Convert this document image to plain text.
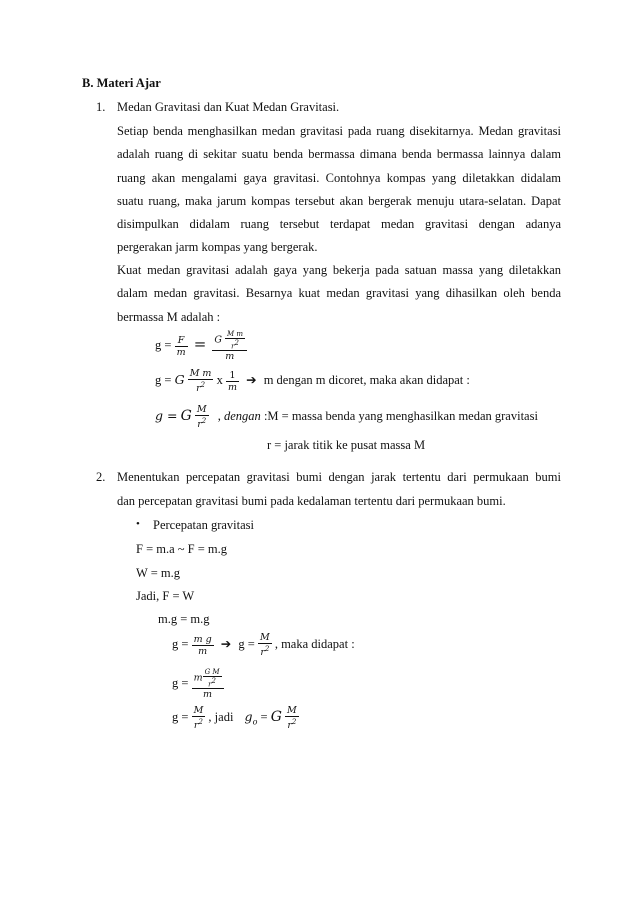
B. Materi Ajar
1. Medan Gravitasi dan Kuat Medan Gravitasi.
Setiap benda menghasilkan medan gravitasi pada ruang disekitarnya. Medan gravitasi
adalah ruang di sekitar suatu benda bermassa dimana benda bermassa lainnya dalam
ruang akan mengalami gaya gravitasi. Contohnya kompas yang diletakkan didalam
suatu ruang, maka jarum kompas tersebut akan bergerak menuju utara-selatan. Dapat
disimpulkan didalam ruang tersebut terdapat medan gravitasi dengan adanya
pergerakan jarm kompas yang bergerak.
Kuat medan gravitasi adalah gaya yang bekerja pada satuan massa yang diletakkan
dalam medan gravitasi. Besarnya kuat medan gravitasi yang dihasilkan oleh benda
bermassa M adalah :
$g = \frac{F}{m} = \frac{G \frac{\text{M m}}{r2}}{m}$
g = G $\frac{\text{M m}}{r^2}$ x $\frac{1}{m}$ ➔ m dengan m dicoret, maka akan didapat :
g = G $\frac{M}{r^2}$ , dengan :M = massa benda yang menghasilkan medan gravitasi
r = jarak titik ke pusat massa M
2. Menentukan percepatan gravitasi bumi dengan jarak tertentu dari permukaan bumi
dan percepatan gravitasi bumi pada kedalaman tertentu dari permukaan bumi.
• Percepatan gravitasi
F = m.a ~ F = m.g
W = m.g
Jadi, F = W
m.g = m.g
$g = \frac{\text{m g}}{m}$ ➔ $g = \frac{M}{r^2}$ , maka didapat :
$g = \frac{m \frac{\text{G M}}{r2}}{m}$
$g = \frac{M}{r^2}$ , jadi $g_o = G \frac{M}{r^2}$
